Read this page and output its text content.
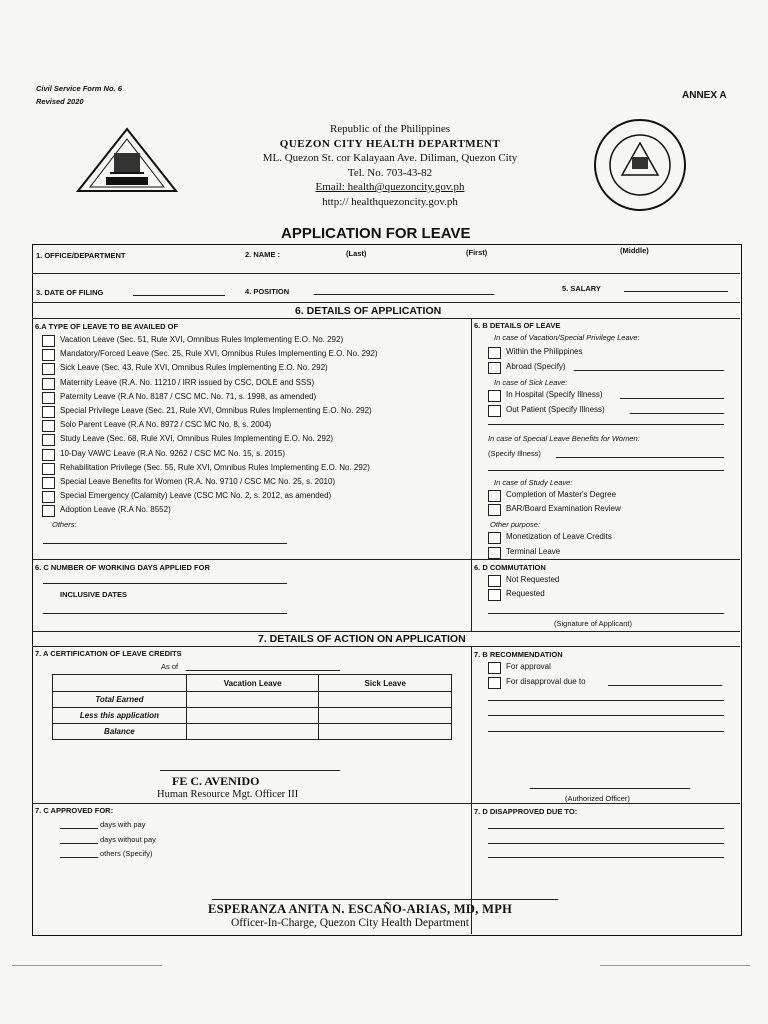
Civil Service Form No. 6
Revised 2020
ANNEX A
Republic of the Philippines
QUEZON CITY HEALTH DEPARTMENT
ML. Quezon St. cor Kalayaan Ave. Diliman, Quezon City
Tel. No. 703-43-82
Email: health@quezoncity.gov.ph
http:// healthquezoncity.gov.ph
APPLICATION FOR LEAVE
1. OFFICE/DEPARTMENT	2. NAME :	(Last)	(First)	(Middle)
3. DATE OF FILING	4. POSITION	5. SALARY
6. DETAILS OF APPLICATION
6.A TYPE OF LEAVE TO BE AVAILED OF
Vacation Leave (Sec. 51, Rule XVI, Omnibus Rules Implementing E.O. No. 292)
Mandatory/Forced Leave (Sec. 25, Rule XVI, Omnibus Rules Implementing E.O. No. 292)
Sick Leave (Sec. 43, Rule XVI, Omnibus Rules Implementing E.O. No. 292)
Maternity Leave (R.A. No. 11210 / IRR issued by CSC, DOLE and SSS)
Paternity Leave (R.A No. 8187 / CSC MC. No. 71, s. 1998, as amended)
Special Privilege Leave (Sec. 21, Rule XVI, Omnibus Rules Implementing E.O. No. 292)
Solo Parent Leave (R.A No. 8972 / CSC MC No. 8, s. 2004)
Study Leave (Sec. 68, Rule XVI, Omnibus Rules Implementing E.O. No. 292)
10-Day VAWC Leave (R.A No. 9262 / CSC MC No. 15, s. 2015)
Rehabilitation Privilege (Sec. 55, Rule XVI, Omnibus Rules Implementing E.O. No. 292)
Special Leave Benefits for Women (R.A. No. 9710 / CSC MC No. 25, s. 2010)
Special Emergency (Calamity) Leave (CSC MC No. 2, s. 2012, as amended)
Adoption Leave (R.A No. 8552)
Others:
6. B DETAILS OF LEAVE
In case of Vacation/Special Privilege Leave:
Within the Philippines
Abroad (Specify)
In case of Sick Leave:
In Hospital (Specify Illness)
Out Patient (Specify Illness)
In case of Special Leave Benefits for Women:
(Specify Illness)
In case of Study Leave:
Completion of Master's Degree
BAR/Board Examination Review
Other purpose:
Monetization of Leave Credits
Terminal Leave
6. C NUMBER OF WORKING DAYS APPLIED FOR
INCLUSIVE DATES
6. D COMMUTATION
Not Requested
Requested
(Signature of Applicant)
7. DETAILS OF ACTION ON APPLICATION
7. A CERTIFICATION OF LEAVE CREDITS
As of
	Vacation Leave	Sick Leave
Total Earned		
Less this application		
Balance		
FE C. AVENIDO
Human Resource Mgt. Officer III
7. B RECOMMENDATION
For approval
For disapproval due to
(Authorized Officer)
7. C APPROVED FOR:
days with pay
days without pay
others (Specify)
7. D DISAPPROVED DUE TO:
ESPERANZA ANITA N. ESCAÑO-ARIAS, MD, MPH
Officer-In-Charge, Quezon City Health Department
